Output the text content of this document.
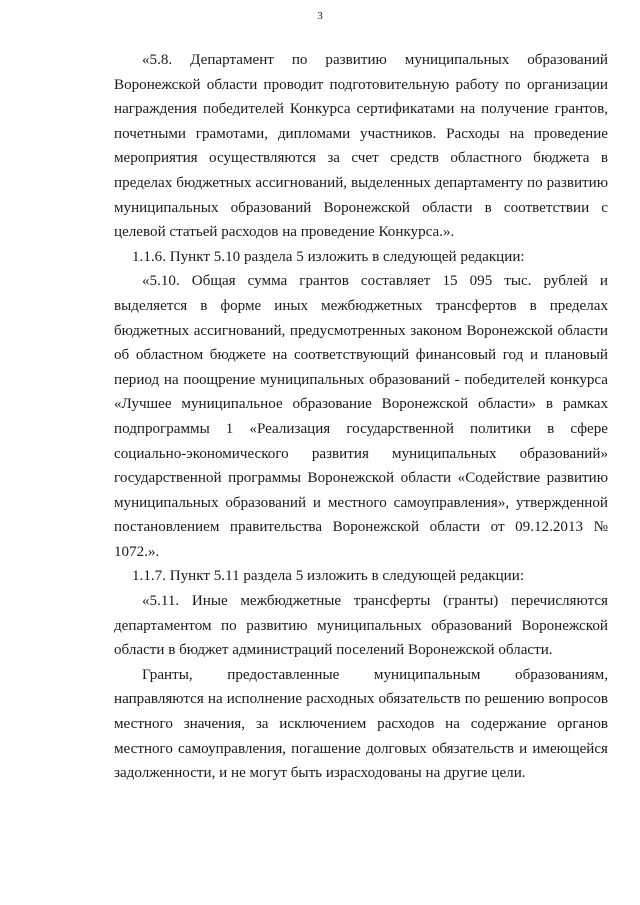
3

«5.8. Департамент по развитию муниципальных образований Воронежской области проводит подготовительную работу по организации награждения победителей Конкурса сертификатами на получение грантов, почетными грамотами, дипломами участников. Расходы на проведение мероприятия осуществляются за счет средств областного бюджета в пределах бюджетных ассигнований, выделенных департаменту по развитию муниципальных образований Воронежской области в соответствии с целевой статьей расходов на проведение Конкурса.».

1.1.6. Пункт 5.10 раздела 5 изложить в следующей редакции:

«5.10. Общая сумма грантов составляет 15 095 тыс. рублей и выделяется в форме иных межбюджетных трансфертов в пределах бюджетных ассигнований, предусмотренных законом Воронежской области об областном бюджете на соответствующий финансовый год и плановый период на поощрение муниципальных образований - победителей конкурса «Лучшее муниципальное образование Воронежской области» в рамках подпрограммы 1 «Реализация государственной политики в сфере социально-экономического развития муниципальных образований» государственной программы Воронежской области «Содействие развитию муниципальных образований и местного самоуправления», утвержденной постановлением правительства Воронежской области от 09.12.2013 № 1072.».

1.1.7. Пункт 5.11 раздела 5 изложить в следующей редакции:

«5.11. Иные межбюджетные трансферты (гранты) перечисляются департаментом по развитию муниципальных образований Воронежской области в бюджет администраций поселений Воронежской области.

Гранты, предоставленные муниципальным образованиям, направляются на исполнение расходных обязательств по решению вопросов местного значения, за исключением расходов на содержание органов местного самоуправления, погашение долговых обязательств и имеющейся задолженности, и не могут быть израсходованы на другие цели.
